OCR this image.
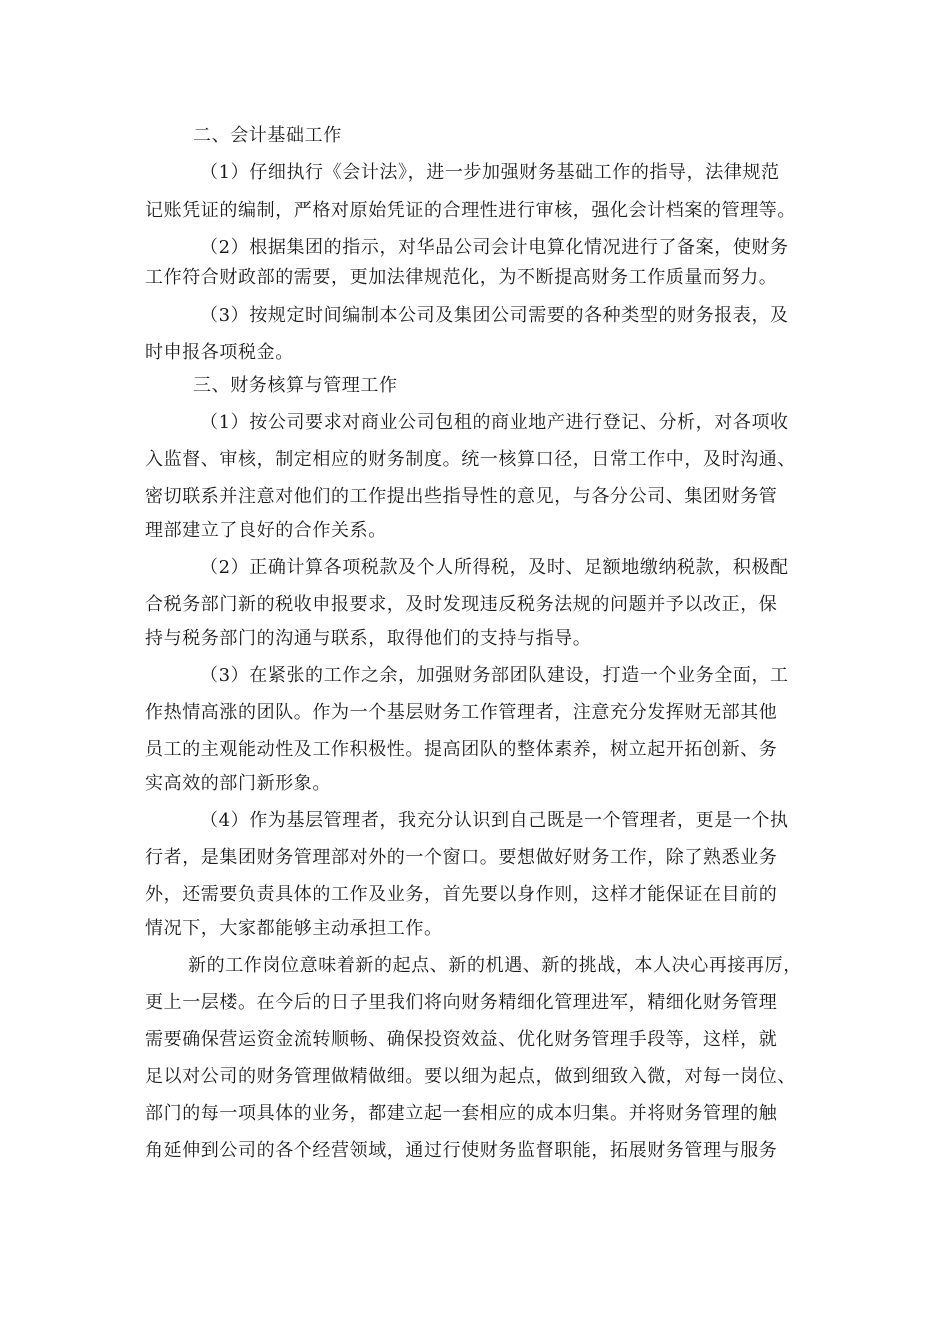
二、会计基础工作
（1）仔细执行《会计法》，进一步加强财务基础工作的指导，法律规范
记账凭证的编制，严格对原始凭证的合理性进行审核，强化会计档案的管理等。
（2）根据集团的指示，对华品公司会计电算化情况进行了备案，使财务
工作符合财政部的需要，更加法律规范化，为不断提高财务工作质量而努力。
（3）按规定时间编制本公司及集团公司需要的各种类型的财务报表，及
时申报各项税金。
三、财务核算与管理工作
（1）按公司要求对商业公司包租的商业地产进行登记、分析，对各项收
入监督、审核，制定相应的财务制度。统一核算口径，日常工作中，及时沟通、
密切联系并注意对他们的工作提出些指导性的意见，与各分公司、集团财务管
理部建立了良好的合作关系。
（2）正确计算各项税款及个人所得税，及时、足额地缴纳税款，积极配
合税务部门新的税收申报要求，及时发现违反税务法规的问题并予以改正，保
持与税务部门的沟通与联系，取得他们的支持与指导。
（3）在紧张的工作之余，加强财务部团队建设，打造一个业务全面，工
作热情高涨的团队。作为一个基层财务工作管理者，注意充分发挥财无部其他
员工的主观能动性及工作积极性。提高团队的整体素养，树立起开拓创新、务
实高效的部门新形象。
（4）作为基层管理者，我充分认识到自己既是一个管理者，更是一个执
行者，是集团财务管理部对外的一个窗口。要想做好财务工作，除了熟悉业务
外，还需要负责具体的工作及业务，首先要以身作则，这样才能保证在目前的
情况下，大家都能够主动承担工作。
新的工作岗位意味着新的起点、新的机遇、新的挑战，本人决心再接再厉，
更上一层楼。在今后的日子里我们将向财务精细化管理进军，精细化财务管理
需要确保营运资金流转顺畅、确保投资效益、优化财务管理手段等，这样，就
足以对公司的财务管理做精做细。要以细为起点，做到细致入微，对每一岗位、
部门的每一项具体的业务，都建立起一套相应的成本归集。并将财务管理的触
角延伸到公司的各个经营领域，通过行使财务监督职能，拓展财务管理与服务
